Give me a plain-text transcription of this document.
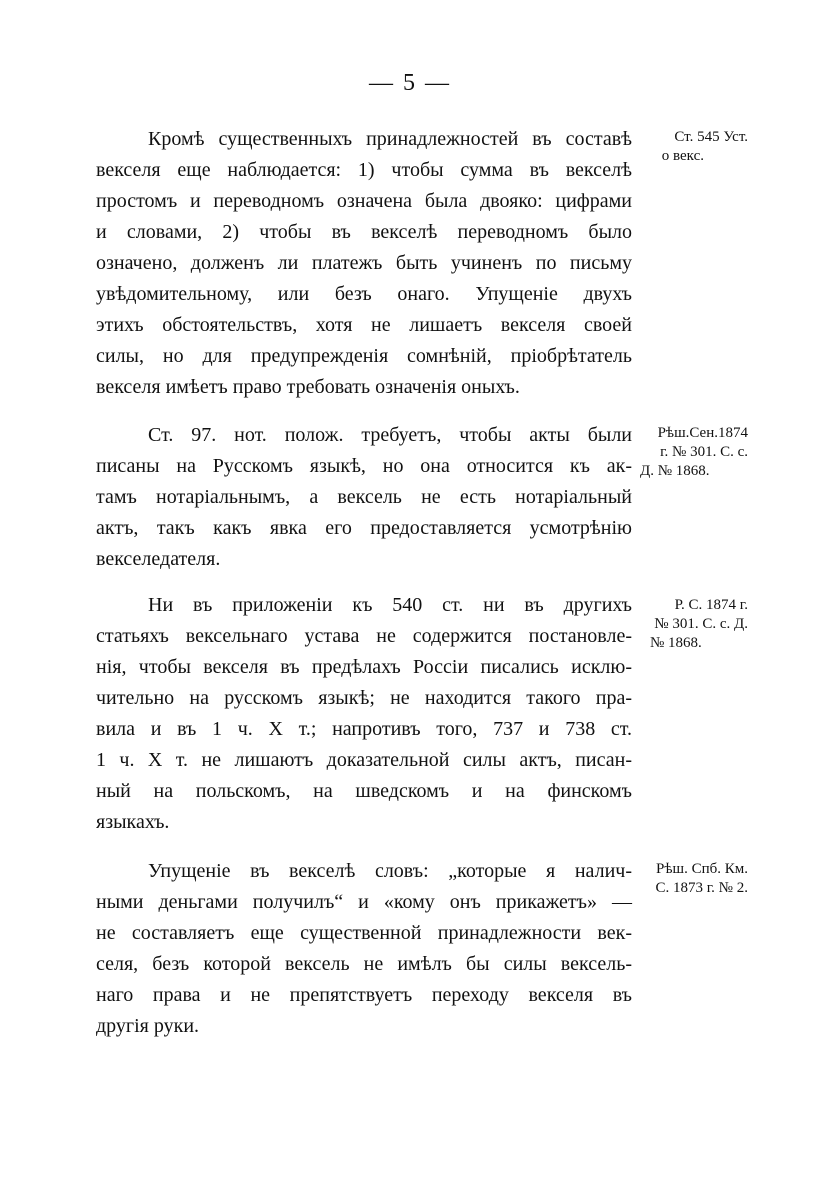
— 5 —
Кромѣ существенныхъ принадлежностей въ составѣ
векселя еще наблюдается: 1) чтобы сумма въ векселѣ
простомъ и переводномъ означена была двояко: цифрами
и словами, 2) чтобы въ векселѣ переводномъ было
означено, долженъ ли платежъ быть учиненъ по письму
увѣдомительному, или безъ онаго. Упущенiе двухъ
этихъ обстоятельствъ, хотя не лишаетъ векселя своей
силы, но для предупрежденiя сомнѣнiй, прiобрѣтатель
векселя имѣетъ право требовать означенiя оныхъ.
Ст. 545 Уст.
о векс.
Ст. 97. нот. полож. требуетъ, чтобы акты были
писаны на Русскомъ языкѣ, но она относится къ ак-
тамъ нотарiальнымъ, а вексель не есть нотарiальный
актъ, такъ какъ явка его предоставляется усмотрѣнiю
векселедателя.
Рѣш.Сен.1874
г. № 301. С. с.
Д. № 1868.
Ни въ приложенiи къ 540 ст. ни въ другихъ
статьяхъ вексельнаго устава не содержится постановле-
нiя, чтобы векселя въ предѣлахъ Россiи писались исклю-
чительно на русскомъ языкѣ; не находится такого пра-
вила и въ 1 ч. X т.; напротивъ того, 737 и 738 ст.
1 ч. X т. не лишаютъ доказательной силы актъ, писан-
ный на польскомъ, на шведскомъ и на финскомъ
языкахъ.
Р. С. 1874 г.
№ 301. С. с. Д.
№ 1868.
Упущенiе въ векселѣ словъ: „которые я налич-
ными деньгами получилъ“ и «кому онъ прикажетъ» —
не составляетъ еще существенной принадлежности век-
селя, безъ которой вексель не имѣлъ бы силы вексель-
наго права и не препятствуетъ переходу векселя въ
другiя руки.
Рѣш. Спб. Км.
С. 1873 г. № 2.
